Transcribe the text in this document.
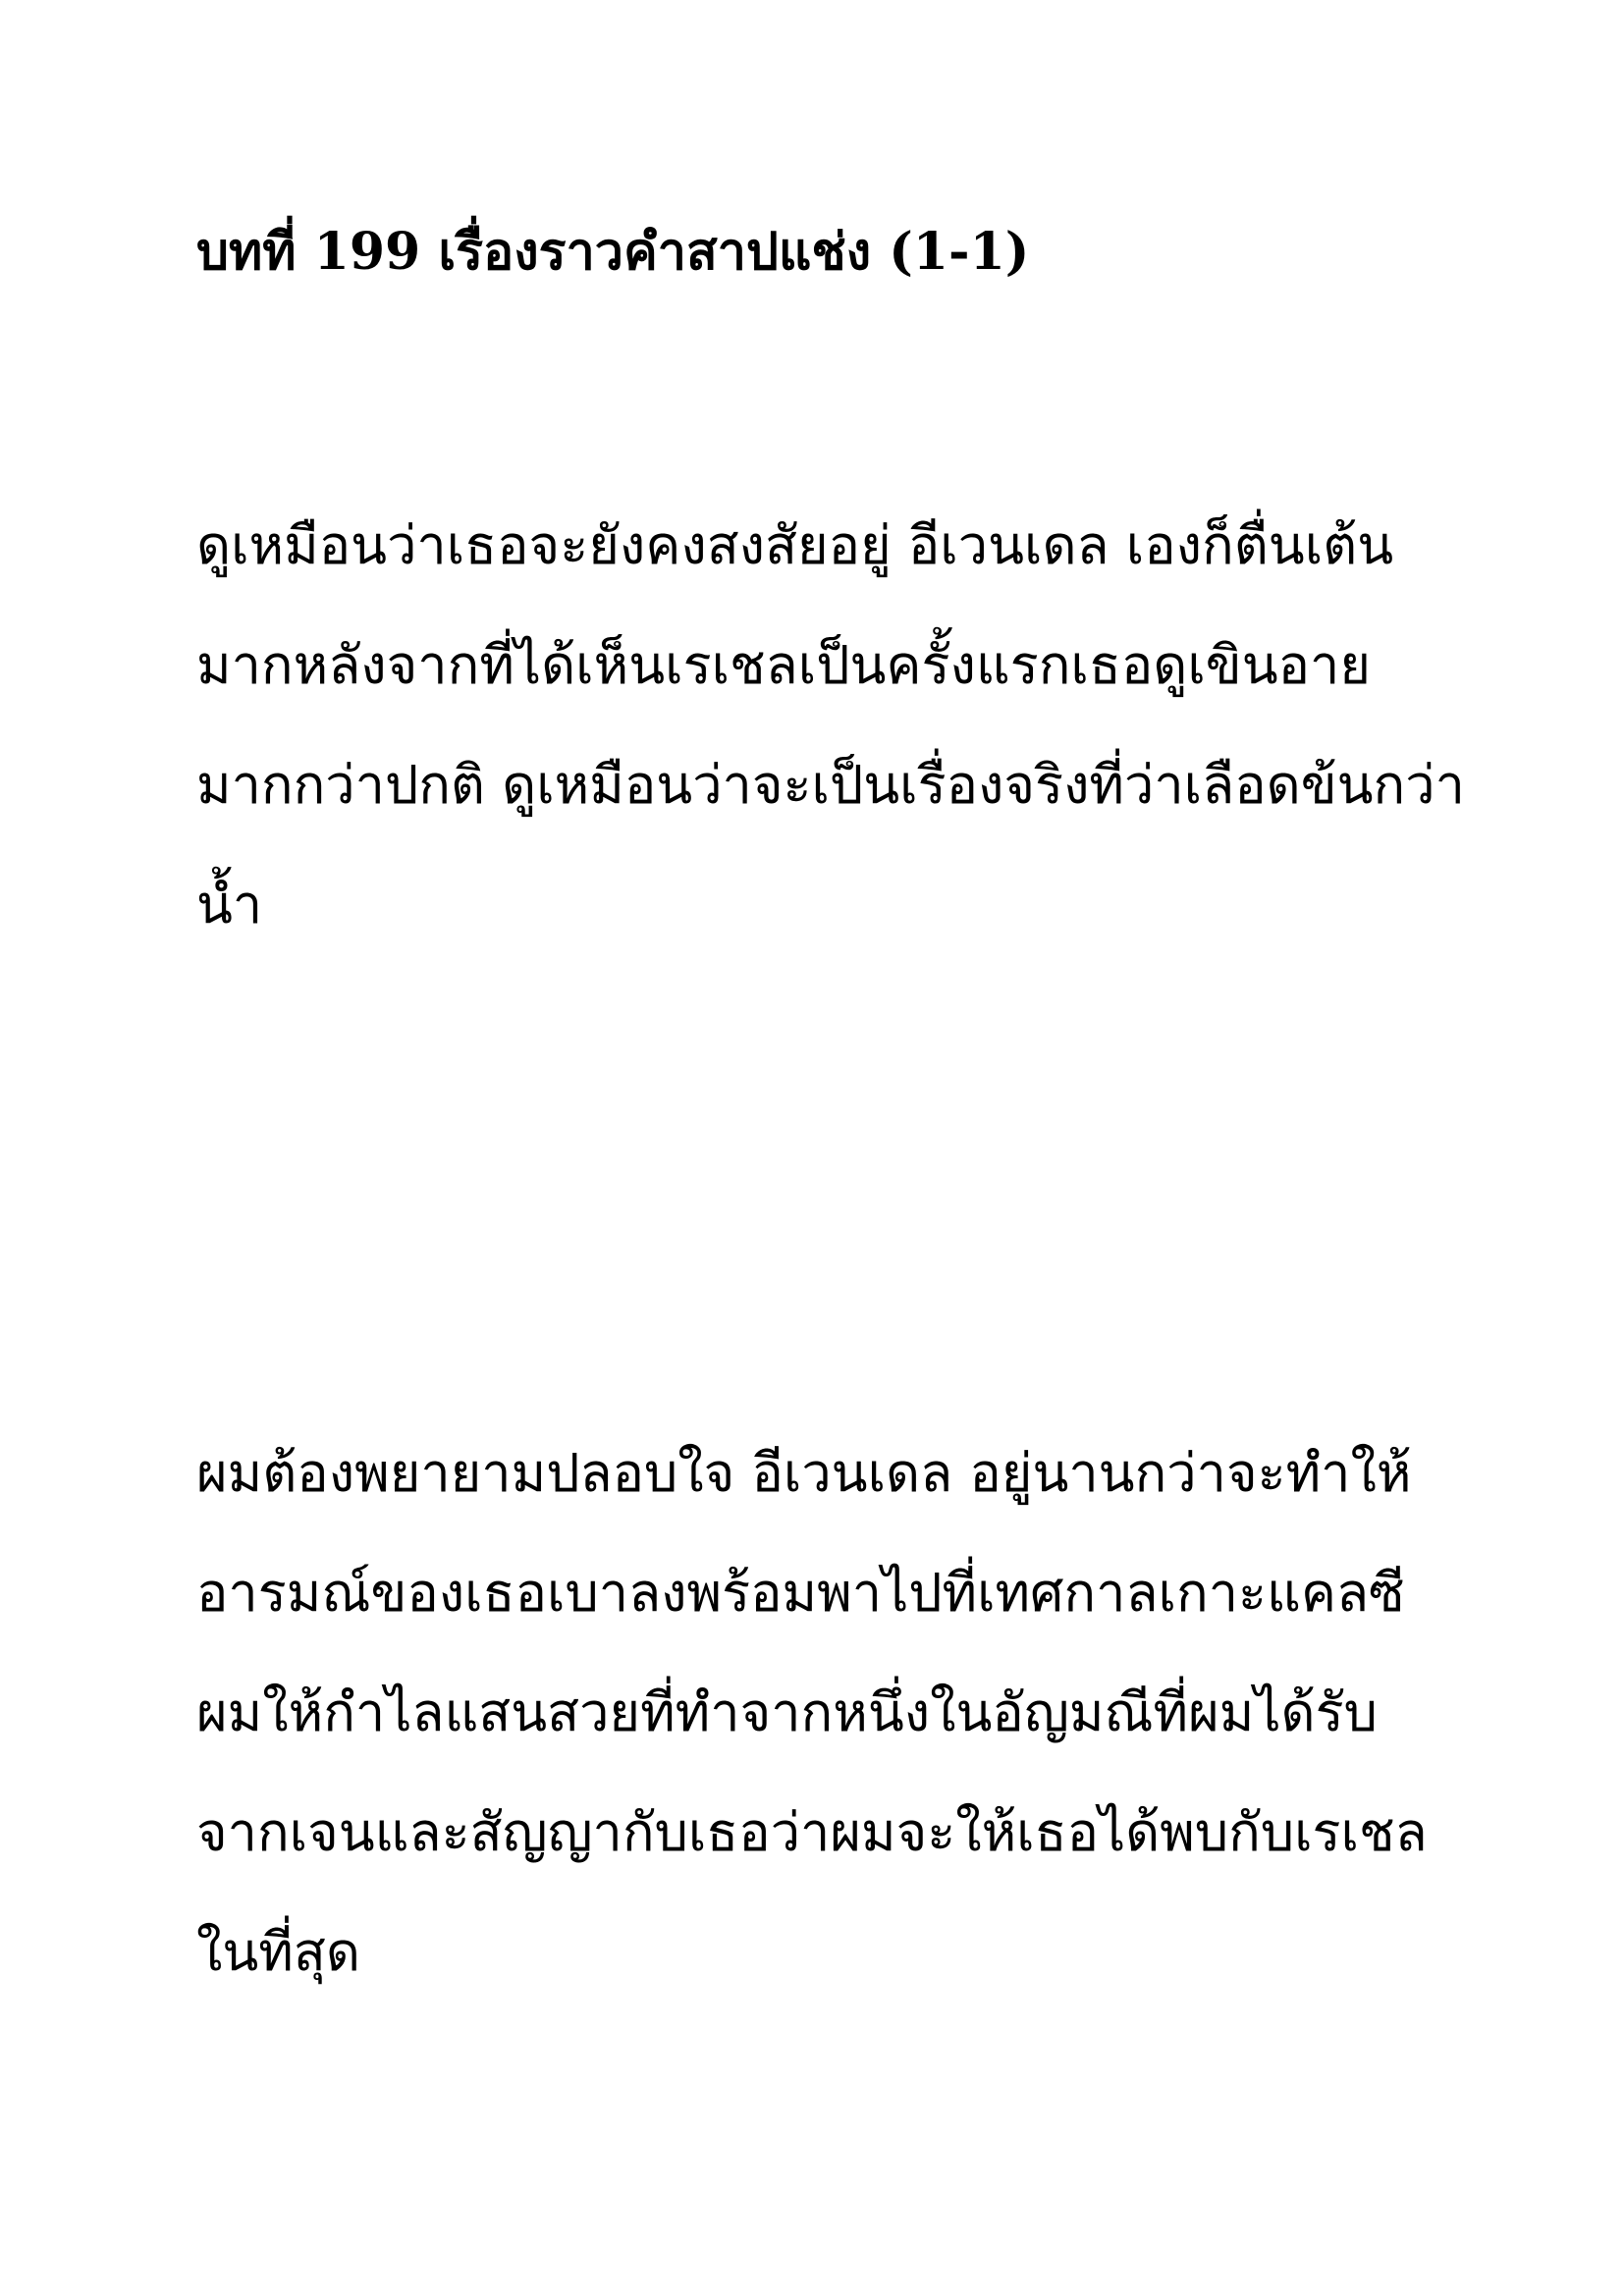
บทที่ 199 เรื่องราวคำสาปแช่ง (1-1)
ดูเหมือนว่าเธอจะยังคงสงสัยอยู่ อีเวนเดล เองก็ตื่นเต้น
มากหลังจากที่ได้เห็นเรเชลเป็นครั้งแรกเธอดูเขินอาย
มากกว่าปกติ ดูเหมือนว่าจะเป็นเรื่องจริงที่ว่าเลือดข้นกว่า
น้ำ
ผมต้องพยายามปลอบใจ อีเวนเดล อยู่นานกว่าจะทำให้
อารมณ์ของเธอเบาลงพร้อมพาไปที่เทศกาลเกาะแคลซี
ผมให้กำไลแสนสวยที่ทำจากหนึ่งในอัญมณีที่ผมได้รับ
จากเจนและสัญญากับเธอว่าผมจะให้เธอได้พบกับเรเชล
ในที่สุด
